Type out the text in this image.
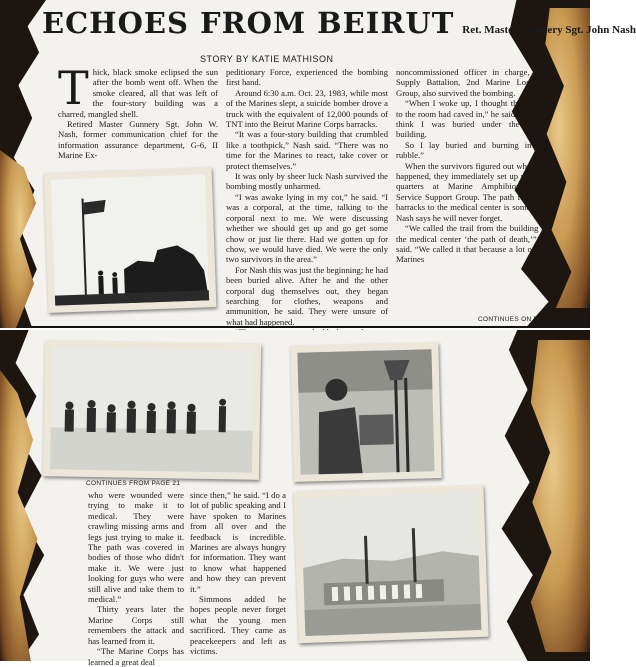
ECHOES FROM BEIRUT Ret. Master Gunnery Sgt. John Nash
STORY BY KATIE MATHISON
T hick, black smoke eclipsed the sun after the bomb went off. When the smoke cleared, all that was left of the four-story building was a charred, mangled shell.

Retired Master Gunnery Sgt. John W. Nash, former communication chief for the information assurance department, G-6, II Marine Ex-

peditionary Force, experienced the bombing first hand.

Around 6:30 a.m. Oct. 23, 1983, while most of the Marines slept, a suicide bomber drove a truck with the equivalent of 12,000 pounds of TNT into the Beirut Marine Corps barracks.

“It was a four-story building that crumbled like a toothpick,” Nash said. “There was no time for the Marines to react, take cover or protect themselves.”

It was only by sheer luck Nash survived the bombing mostly unharmed.

“I was awake lying in my cot,” he said. “I was a corporal, at the time, talking to the corporal next to me. We were discussing whether we should get up and go get some chow or just lie there. Had we gotten up for chow, we would have died. We were the only two survivors in the area.”

For Nash this was just the beginning; he had been buried alive. After he and the other corporal dug themselves out, they began searching for clothes, weapons and ammunition, he said. They were unsure of what had happened.

noncommissioned officer in charge, 2nd Supply Battalion, 2nd Marine Logistics Group, also survived the bombing.

“When I woke up, I thought the ceiling to the room had caved in,” he said. “I didn't think I was buried under the whole building.

So I lay buried and burning in the rubble.”

When the survivors figured out what had happened, they immediately set up medical quarters at Marine Amphibious Unit Service Support Group. The path from the barracks to the medical center is something Nash says he will never forget.

“We called the trail from the building to the medical center ‘the path of death,’” he said. “We called it that because a lot of the Marines

CONTINUES ON PAGE 22
CONTINUES FROM PAGE 21

who were wounded were trying to make it to medical. They were crawling missing arms and legs just trying to make it. The path was covered in bodies of those who didn't make it. We were just looking for guys who were still alive and take them to medical.”

Thirty years later the Marine Corps still remembers the attack and has learned from it.

“The Marine Corps has learned a great deal

since then,” he said. “I do a lot of public speaking and I have spoken to Marines from all over and the feedback is incredible. Marines are always hungry for information. They want to know what happened and how they can prevent it.”

Simmons added he hopes people never forget what the young men sacrificed. They came as peacekeepers and left as victims.
